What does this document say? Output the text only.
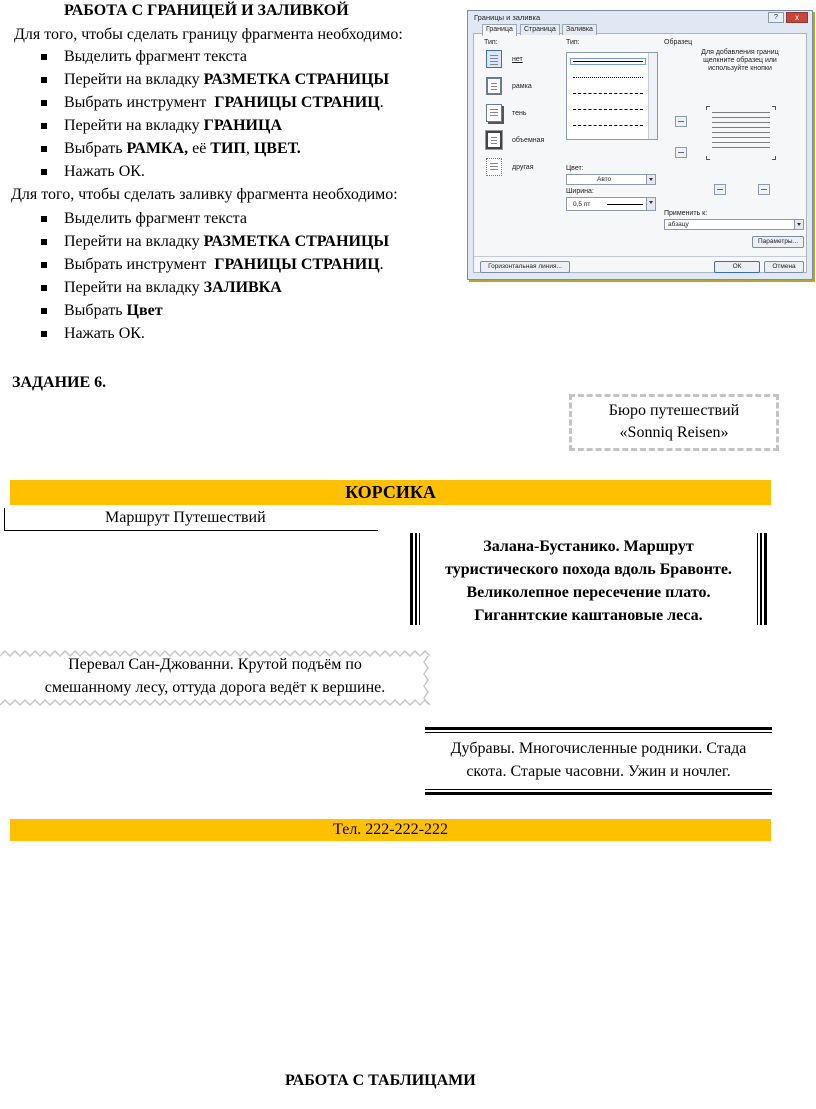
РАБОТА С ГРАНИЦЕЙ И ЗАЛИВКОЙ
Для того, чтобы сделать границу фрагмента необходимо:
Выделить фрагмент текста
Перейти на вкладку РАЗМЕТКА СТРАНИЦЫ
Выбрать инструмент  ГРАНИЦЫ СТРАНИЦ.
Перейти на вкладку ГРАНИЦА
Выбрать РАМКА, её ТИП, ЦВЕТ.
Нажать ОК.
Для того, чтобы сделать заливку фрагмента необходимо:
Выделить фрагмент текста
Перейти на вкладку РАЗМЕТКА СТРАНИЦЫ
Выбрать инструмент  ГРАНИЦЫ СТРАНИЦ.
Перейти на вкладку ЗАЛИВКА
Выбрать Цвет
Нажать ОК.
Границы и заливка	?	x
Граница	Страница	Заливка
Тип:
нет
рамка
тень
объемная
другая
Тип:
Цвет:
Авто
Ширина:
0,5 пт
Образец
Для добавления границ щелкните образец или используйте кнопки
Применить к:
абзацу
Параметры...
Горизонтальная линия...	ОК	Отмена
ЗАДАНИЕ 6.
Бюро путешествий
«Sonniq Reisen»
КОРСИКА
Маршрут Путешествий
Залана-Бустанико. Маршрут
туристического похода вдоль Бравонте.
Великолепное пересечение плато.
Гиганнтские каштановые леса.
Перевал Сан-Джованни. Крутой подъём по
смешанному лесу, оттуда дорога ведёт к вершине.
Дубравы. Многочисленные родники. Стада
скота. Старые часовни. Ужин и ночлег.
Тел. 222-222-222
РАБОТА С ТАБЛИЦАМИ
